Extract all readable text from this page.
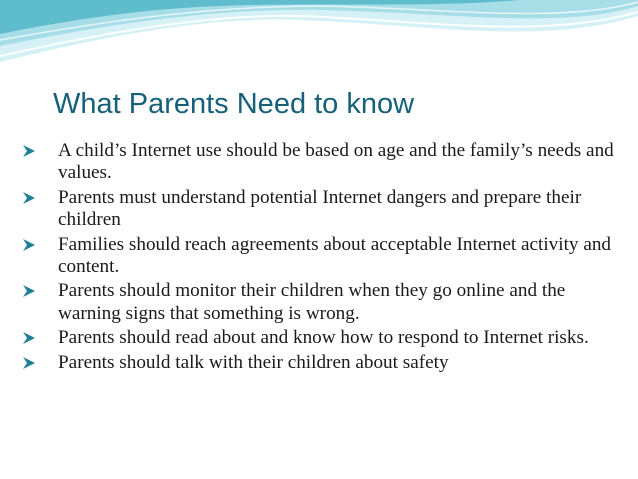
What Parents Need to know
A child’s Internet use should be based on age and the family’s needs and values.
Parents must understand potential Internet dangers and prepare their children
Families should reach agreements about acceptable Internet activity and content.
Parents should monitor their children when they go online and the warning signs that something is wrong.
Parents should read about and know how to respond to Internet risks.
Parents should talk with their children about safety
